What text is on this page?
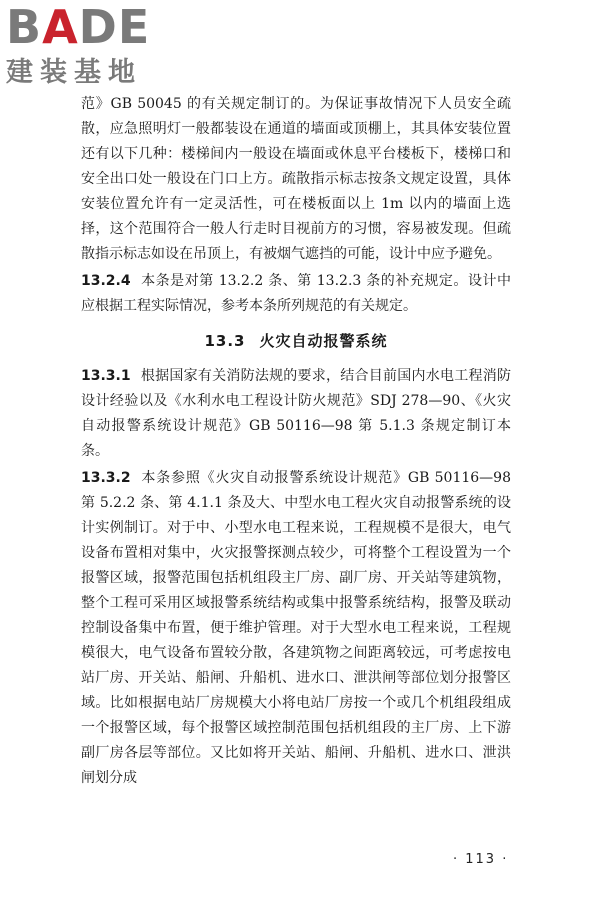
BADE
建装基地

范》GB 50045 的有关规定制订的。为保证事故情况下人员安全疏散，应急照明灯一般都装设在通道的墙面或顶棚上，其具体安装位置还有以下几种：楼梯间内一般设在墙面或休息平台楼板下，楼梯口和安全出口处一般设在门口上方。疏散指示标志按条文规定设置，具体安装位置允许有一定灵活性，可在楼板面以上 1m 以内的墙面上选择，这个范围符合一般人行走时目视前方的习惯，容易被发现。但疏散指示标志如设在吊顶上，有被烟气遮挡的可能，设计中应予避免。

13.2.4 本条是对第 13.2.2 条、第 13.2.3 条的补充规定。设计中应根据工程实际情况，参考本条所列规范的有关规定。

13.3 火灾自动报警系统

13.3.1 根据国家有关消防法规的要求，结合目前国内水电工程消防设计经验以及《水利水电工程设计防火规范》SDJ 278—90、《火灾自动报警系统设计规范》GB 50116—98 第 5.1.3 条规定制订本条。

13.3.2 本条参照《火灾自动报警系统设计规范》GB 50116—98 第 5.2.2 条、第 4.1.1 条及大、中型水电工程火灾自动报警系统的设计实例制订。对于中、小型水电工程来说，工程规模不是很大，电气设备布置相对集中，火灾报警探测点较少，可将整个工程设置为一个报警区域，报警范围包括机组段主厂房、副厂房、开关站等建筑物，整个工程可采用区域报警系统结构或集中报警系统结构，报警及联动控制设备集中布置，便于维护管理。对于大型水电工程来说，工程规模很大，电气设备布置较分散，各建筑物之间距离较远，可考虑按电站厂房、开关站、船闸、升船机、进水口、泄洪闸等部位划分报警区域。比如根据电站厂房规模大小将电站厂房按一个或几个机组段组成一个报警区域，每个报警区域控制范围包括机组段的主厂房、上下游副厂房各层等部位。又比如将开关站、船闸、升船机、进水口、泄洪闸划分成

· 113 ·
